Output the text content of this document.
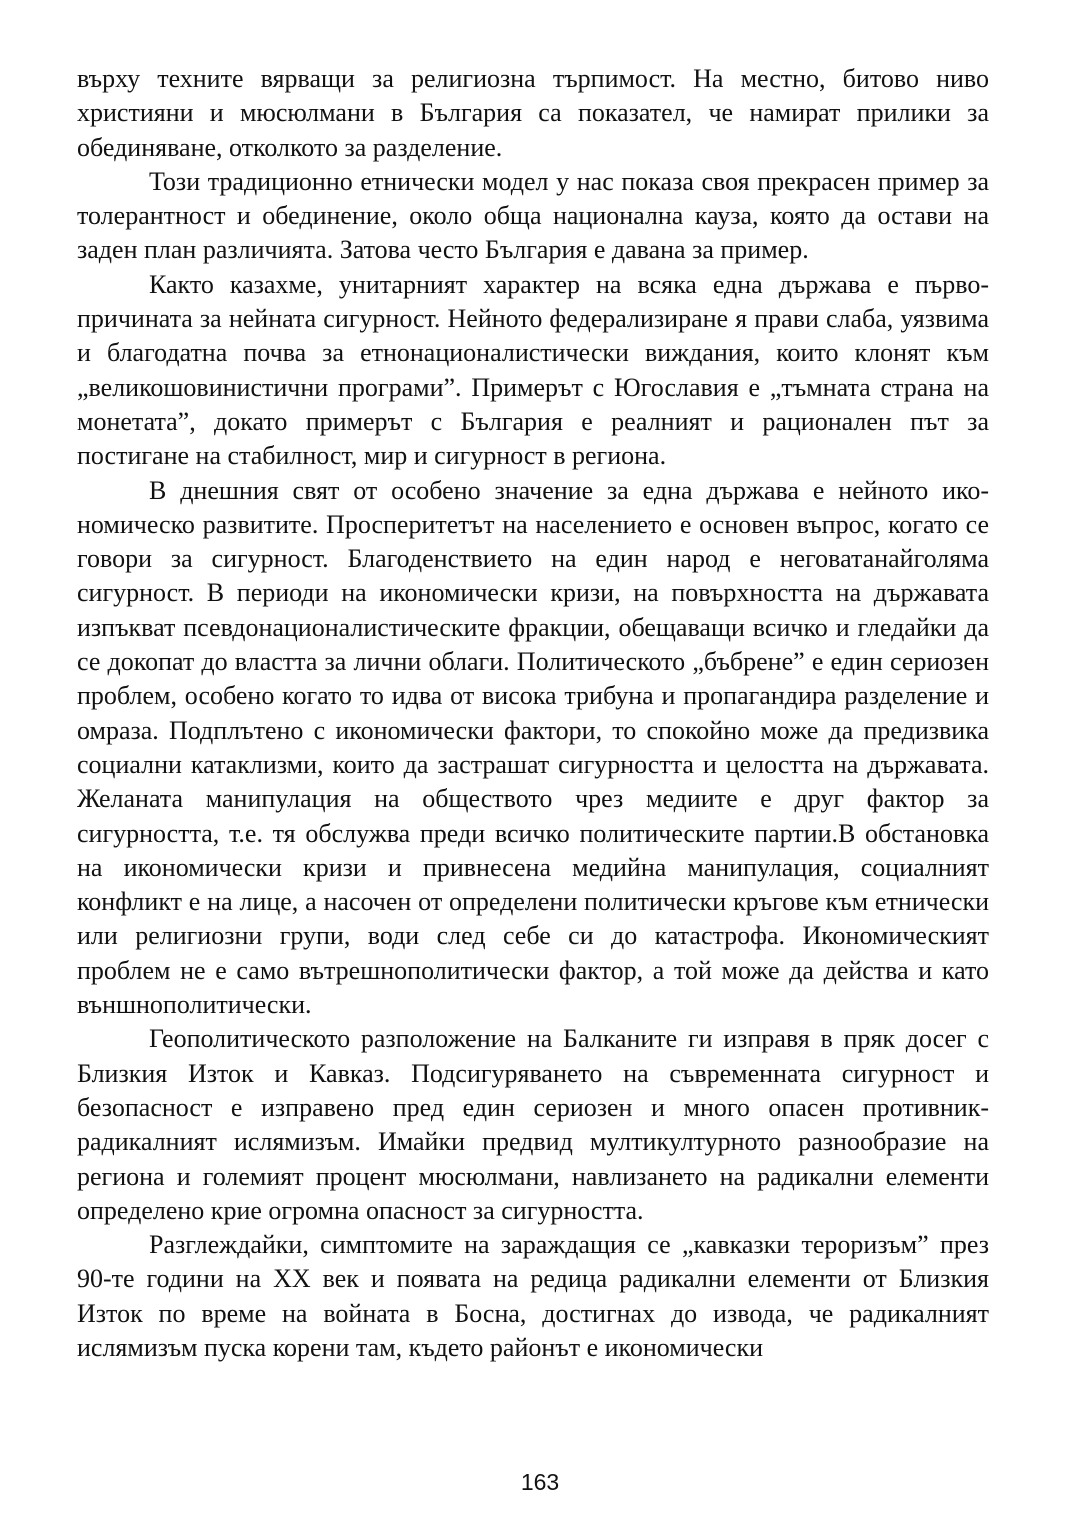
върху техните вярващи за религиозна търпимост. На местно, битово ниво християни и мюсюлмани в България са показател, че намират прилики за обединяване, отколкото за разделение.

Този традиционно етнически модел у нас показа своя прекрасен пример за толерантност и обединение, около обща национална кауза, която да остави на заден план различията. Затова често България е давана за пример.

Както казахме, унитарният характер на всяка една държава е първопричината за нейната сигурност. Нейното федерализиране я прави слаба, уязвима и благодатна почва за етнонационалистически виждания, които клонят към „великошовинистични програми”. Примерът с Югославия е „тъмната страна на монетата”, докато примерът с България е реалният и рационален път за постигане на стабилност, мир и сигурност в региона.

В днешния свят от особено значение за една държава е нейното икономическо развитите. Просперитетът на населението е основен въпрос, когато се говори за сигурност. Благоденствието на един народ е неговатанайголяма сигурност. В периоди на икономически кризи, на повърхността на държавата изпъкват псевдонационалистическите фракции, обещаващи всичко и гледайки да се докопат до властта за лични облаги. Политическото „бъбрене” е един сериозен проблем, особено когато то идва от висока трибуна и пропагандира разделение и омраза. Подплътено с икономически фактори, то спокойно може да предизвика социални катаклизми, които да застрашат сигурността и целостта на държавата. Желаната манипулация на обществото чрез медиите е друг фактор за сигурността, т.е. тя обслужва преди всичко политическите партии.В обстановка на икономически кризи и привнесена медийна манипулация, социалният конфликт е на лице, а насочен от определени политически кръгове към етнически или религиозни групи, води след себе си до катастрофа. Икономическият проблем не е само вътрешнополитически фактор, а той може да действа и като външнополитически.

Геополитическото разположение на Балканите ги изправя в пряк досег с Близкия Изток и Кавказ. Подсигуряването на съвременната сигурност и безопасност е изправено пред един сериозен и много опасен противник-радикалният ислямизъм. Имайки предвид мултикултурното разнообразие на региона и големият процент мюсюлмани, навлизането на радикални елементи определено крие огромна опасност за сигурността.

Разглеждайки, симптомите на зараждащия се „кавказки тероризъм” през 90-те години на XX век и появата на редица радикални елементи от Близкия Изток по време на войната в Босна, достигнах до извода, че радикалният ислямизъм пуска корени там, където районът е икономически

163
